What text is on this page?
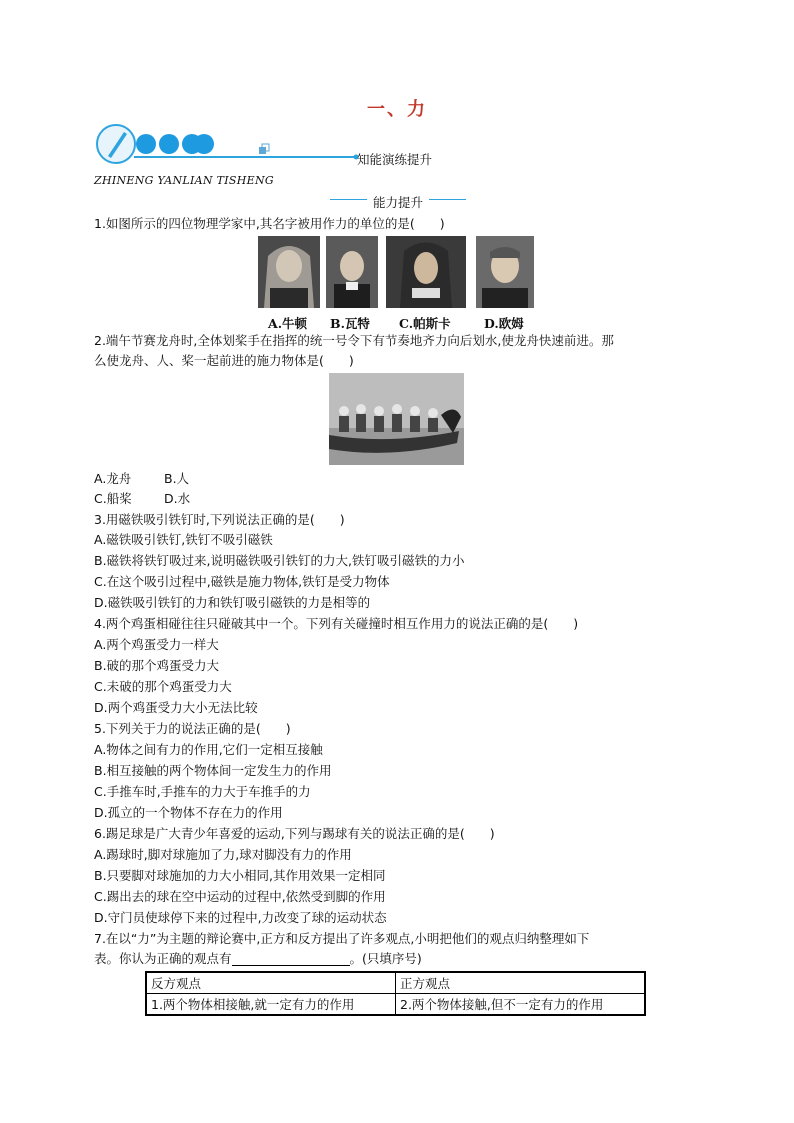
一、力
知能演练提升
ZHINENG YANLIAN TISHENG
能力提升
1.如图所示的四位物理学家中,其名字被用作力的单位的是(　　)
A.牛顿 B.瓦特 C.帕斯卡	D.欧姆
2.端午节赛龙舟时,全体划桨手在指挥的统一号令下有节奏地齐力向后划水,使龙舟快速前进。那
么使龙舟、人、桨一起前进的施力物体是(　　)
A.龙舟	B.人
C.船桨	D.水
3.用磁铁吸引铁钉时,下列说法正确的是(　　)
A.磁铁吸引铁钉,铁钉不吸引磁铁
B.磁铁将铁钉吸过来,说明磁铁吸引铁钉的力大,铁钉吸引磁铁的力小
C.在这个吸引过程中,磁铁是施力物体,铁钉是受力物体
D.磁铁吸引铁钉的力和铁钉吸引磁铁的力是相等的
4.两个鸡蛋相碰往往只碰破其中一个。下列有关碰撞时相互作用力的说法正确的是(　　)
A.两个鸡蛋受力一样大
B.破的那个鸡蛋受力大
C.未破的那个鸡蛋受力大
D.两个鸡蛋受力大小无法比较
5.下列关于力的说法正确的是(　　)
A.物体之间有力的作用,它们一定相互接触
B.相互接触的两个物体间一定发生力的作用
C.手推车时,手推车的力大于车推手的力
D.孤立的一个物体不存在力的作用
6.踢足球是广大青少年喜爱的运动,下列与踢球有关的说法正确的是(　　)
A.踢球时,脚对球施加了力,球对脚没有力的作用
B.只要脚对球施加的力大小相同,其作用效果一定相同
C.踢出去的球在空中运动的过程中,依然受到脚的作用
D.守门员使球停下来的过程中,力改变了球的运动状态
7.在以“力”为主题的辩论赛中,正方和反方提出了许多观点,小明把他们的观点归纳整理如下
表。你认为正确的观点有	。(只填序号)
反方观点	正方观点
1.两个物体相接触,就一定有力的作用	2.两个物体接触,但不一定有力的作用
